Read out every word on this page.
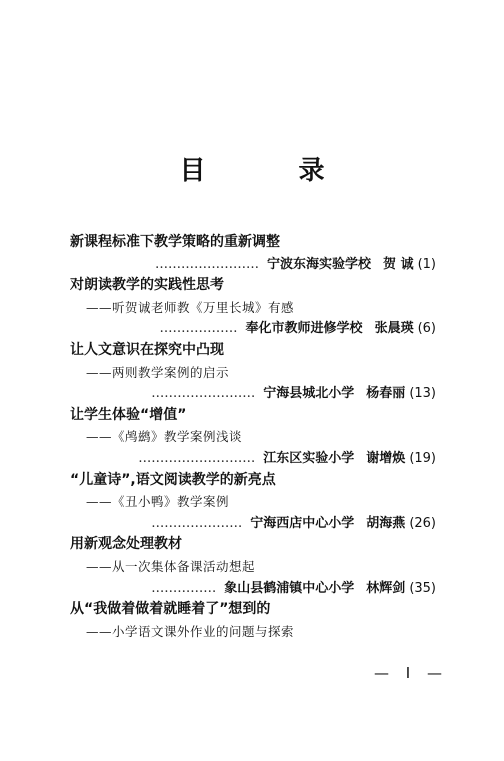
目 录
新课程标准下教学策略的重新调整
…………………… 宁波东海实验学校 贺 诚 (1)
对朗读教学的实践性思考
——听贺诚老师教《万里长城》有感
……………… 奉化市教师进修学校 张晨瑛 (6)
让人文意识在探究中凸现
——两则教学案例的启示
…………………… 宁海县城北小学 杨春丽 (13)
让学生体验“增值”
——《鸬鹚》教学案例浅谈
……………………… 江东区实验小学 谢增焕 (19)
“儿童诗”,语文阅读教学的新亮点
——《丑小鸭》教学案例
………………… 宁海西店中心小学 胡海燕 (26)
用新观念处理教材
——从一次集体备课活动想起
…………… 象山县鹤浦镇中心小学 林辉剑 (35)
从“我做着做着就睡着了”想到的
——小学语文课外作业的问题与探索
— I —
